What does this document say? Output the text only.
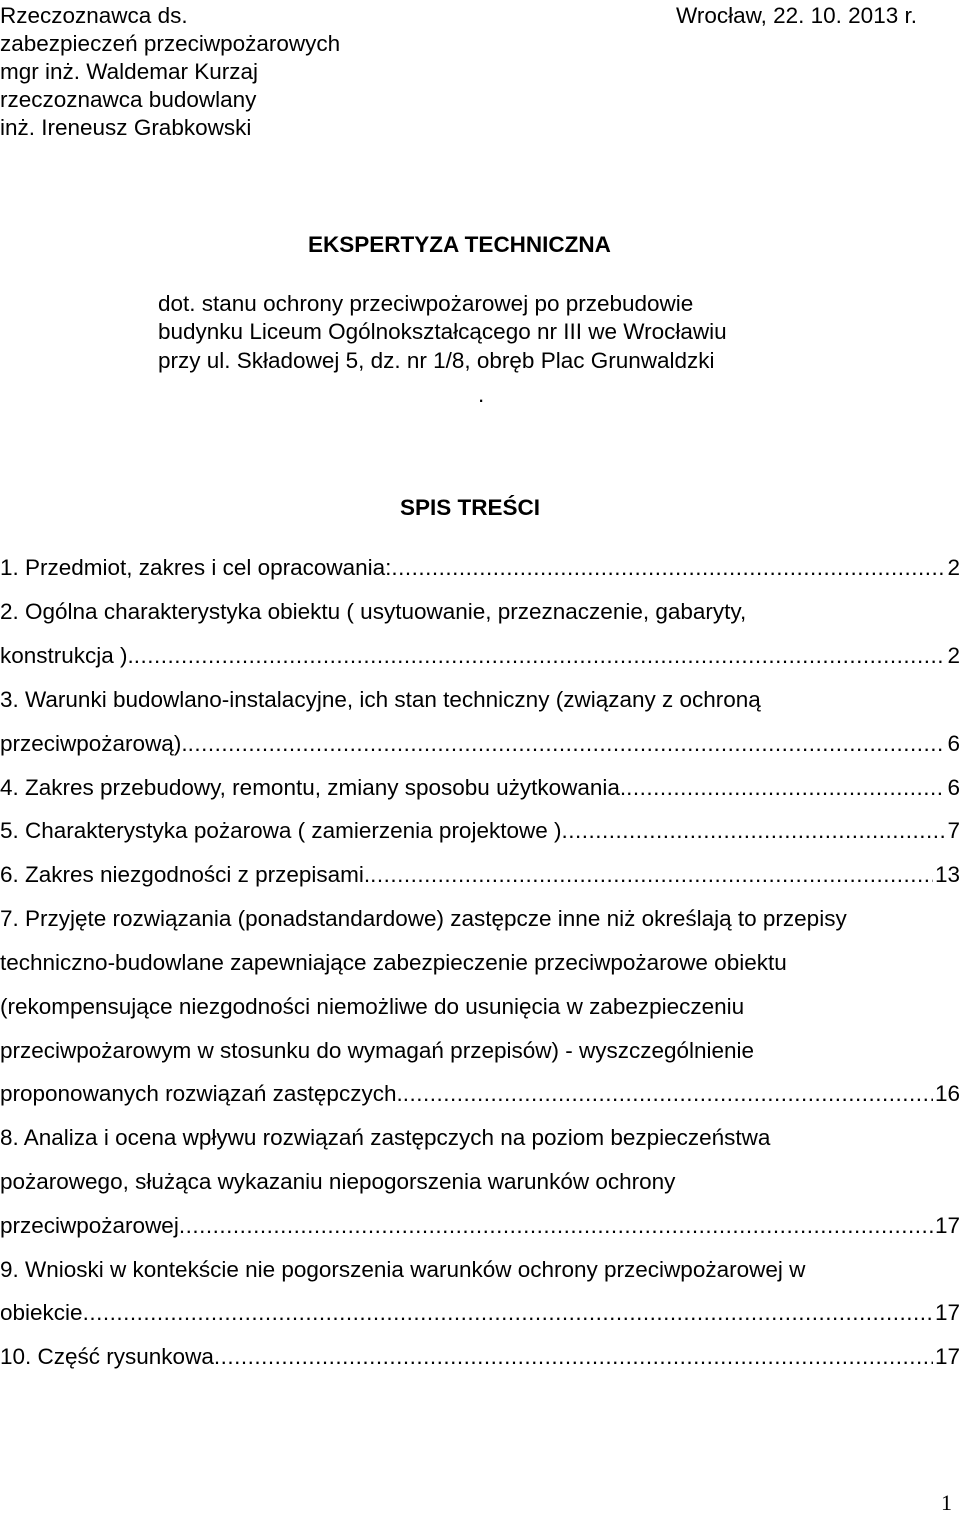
Rzeczoznawca ds.
zabezpieczeń przeciwpożarowych
mgr inż. Waldemar Kurzaj
rzeczoznawca budowlany
inż. Ireneusz Grabkowski
Wrocław, 22. 10. 2013 r.
EKSPERTYZA TECHNICZNA
dot. stanu ochrony przeciwpożarowej po przebudowie
budynku Liceum Ogólnokształcącego nr III we Wrocławiu
przy ul. Składowej 5, dz. nr 1/8, obręb Plac Grunwaldzki
.
SPIS TREŚCI
1. Przedmiot, zakres i cel opracowania: .....	2
2. Ogólna charakterystyka obiektu ( usytuowanie, przeznaczenie, gabaryty,
konstrukcja ). .....	2
3. Warunki budowlano-instalacyjne, ich stan techniczny (związany z ochroną
przeciwpożarową). .....	6
4. Zakres przebudowy, remontu, zmiany sposobu użytkowania. .....	6
5. Charakterystyka pożarowa ( zamierzenia projektowe ) .....	7
6. Zakres niezgodności z przepisami. .....	13
7. Przyjęte rozwiązania (ponadstandardowe) zastępcze inne niż określają to przepisy
techniczno-budowlane zapewniające zabezpieczenie przeciwpożarowe obiektu
(rekompensujące niezgodności niemożliwe do usunięcia w zabezpieczeniu
przeciwpożarowym w stosunku do wymagań przepisów) - wyszczególnienie
proponowanych rozwiązań zastępczych. .....	16
8. Analiza i ocena wpływu rozwiązań zastępczych na poziom bezpieczeństwa
pożarowego, służąca wykazaniu niepogorszenia warunków ochrony
przeciwpożarowej .....	17
9. Wnioski w kontekście nie pogorszenia warunków ochrony przeciwpożarowej w
obiekcie .....	17
10. Część rysunkowa .....	17
1
